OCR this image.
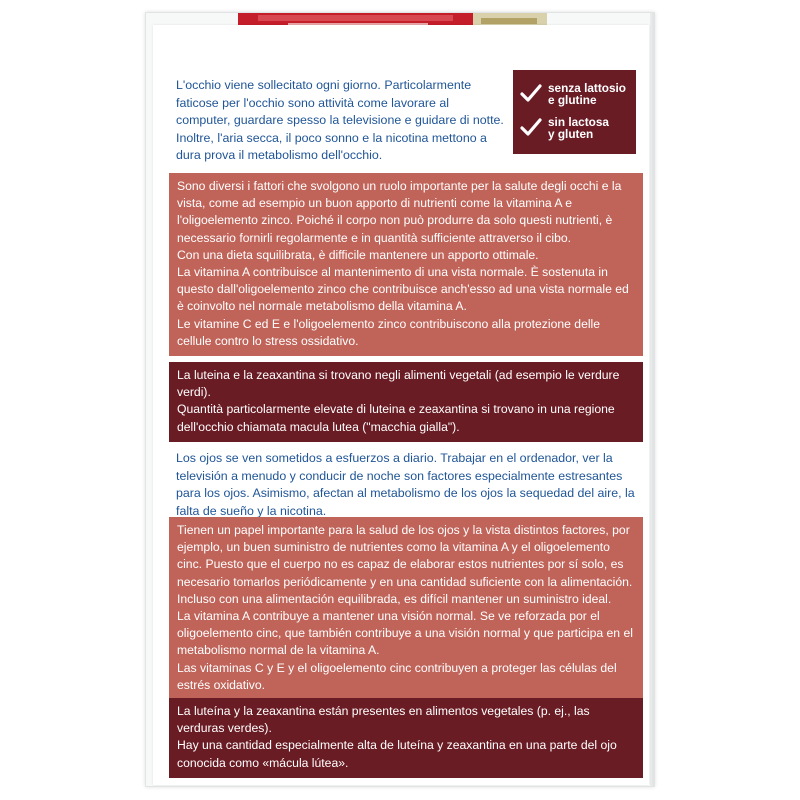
L'occhio viene sollecitato ogni giorno. Particolarmente faticose per l'occhio sono attività come lavorare al computer, guardare spesso la televisione e guidare di notte. Inoltre, l'aria secca, il poco sonno e la nicotina mettono a dura prova il metabolismo dell'occhio.
senza lattosio
e glutine
sin lactosa
y gluten

Sono diversi i fattori che svolgono un ruolo importante per la salute degli occhi e la vista, come ad esempio un buon apporto di nutrienti come la vitamina A e l'oligoelemento zinco. Poiché il corpo non può produrre da solo questi nutrienti, è necessario fornirli regolarmente e in quantità sufficiente attraverso il cibo.

Con una dieta squilibrata, è difficile mantenere un apporto ottimale.

La vitamina A contribuisce al mantenimento di una vista normale. È sostenuta in questo dall'oligoelemento zinco che contribuisce anch'esso ad una vista normale ed è coinvolto nel normale metabolismo della vitamina A.

Le vitamine C ed E e l'oligoelemento zinco contribuiscono alla protezione delle cellule contro lo stress ossidativo.

La luteina e la zeaxantina si trovano negli alimenti vegetali (ad esempio le verdure verdi).

Quantità particolarmente elevate di luteina e zeaxantina si trovano in una regione dell'occhio chiamata macula lutea ("macchia gialla").

Los ojos se ven sometidos a esfuerzos a diario. Trabajar en el ordenador, ver la televisión a menudo y conducir de noche son factores especialmente estresantes para los ojos. Asimismo, afectan al metabolismo de los ojos la sequedad del aire, la falta de sueño y la nicotina.

Tienen un papel importante para la salud de los ojos y la vista distintos factores, por ejemplo, un buen suministro de nutrientes como la vitamina A y el oligoelemento cinc. Puesto que el cuerpo no es capaz de elaborar estos nutrientes por sí solo, es necesario tomarlos periódicamente y en una cantidad suficiente con la alimentación.

Incluso con una alimentación equilibrada, es difícil mantener un suministro ideal.

La vitamina A contribuye a mantener una visión normal. Se ve reforzada por el oligoelemento cinc, que también contribuye a una visión normal y que participa en el metabolismo normal de la vitamina A.

Las vitaminas C y E y el oligoelemento cinc contribuyen a proteger las células del estrés oxidativo.

La luteína y la zeaxantina están presentes en alimentos vegetales (p. ej., las verduras verdes).

Hay una cantidad especialmente alta de luteína y zeaxantina en una parte del ojo conocida como «mácula lútea».
